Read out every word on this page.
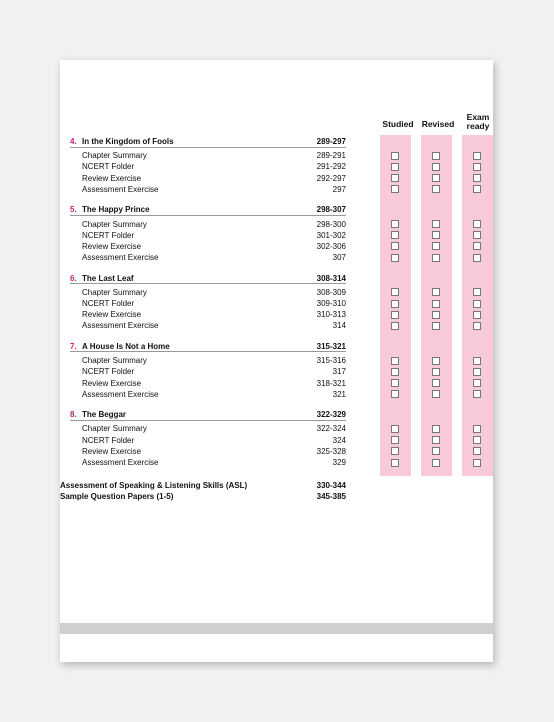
Studied Revised
Exam
ready
4. In the Kingdom of Fools	289-297
Chapter Summary	289-291
NCERT Folder	291-292
Review Exercise	292-297
Assessment Exercise	297
5. The Happy Prince	298-307
Chapter Summary	298-300
NCERT Folder	301-302
Review Exercise	302-306
Assessment Exercise	307
6. The Last Leaf	308-314
Chapter Summary	308-309
NCERT Folder	309-310
Review Exercise	310-313
Assessment Exercise	314
7. A House Is Not a Home	315-321
Chapter Summary	315-316
NCERT Folder	317
Review Exercise	318-321
Assessment Exercise	321
8. The Beggar	322-329
Chapter Summary	322-324
NCERT Folder	324
Review Exercise	325-328
Assessment Exercise	329
Assessment of Speaking & Listening Skills (ASL)	330-344
Sample Question Papers (1-5)	345-385
